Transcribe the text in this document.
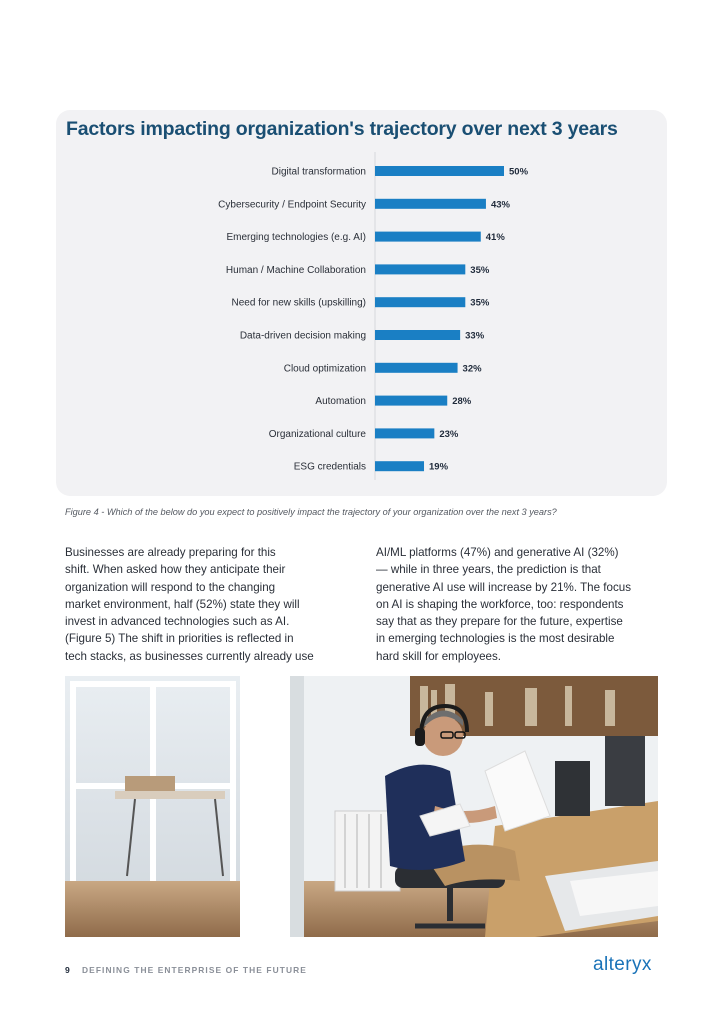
Factors impacting organization's trajectory over next 3 years
Digital transformation	50%
Cybersecurity / Endpoint Security	43%
Emerging technologies (e.g. AI)	41%
Human / Machine Collaboration	35%
Need for new skills (upskilling)	35%
Data-driven decision making	33%
Cloud optimization	32%
Automation	28%
Organizational culture	23%
ESG credentials	19%
Figure 4 - Which of the below do you expect to positively impact the trajectory of your organization over the next 3 years?
Businesses are already preparing for this
shift. When asked how they anticipate their
organization will respond to the changing
market environment, half (52%) state they will
invest in advanced technologies such as AI.
(Figure 5) The shift in priorities is reflected in
tech stacks, as businesses currently already use
AI/ML platforms (47%) and generative AI (32%)
— while in three years, the prediction is that
generative AI use will increase by 21%. The focus
on AI is shaping the workforce, too: respondents
say that as they prepare for the future, expertise
in emerging technologies is the most desirable
hard skill for employees.
9 DEFINING THE ENTERPRISE OF THE FUTURE	alteryx
